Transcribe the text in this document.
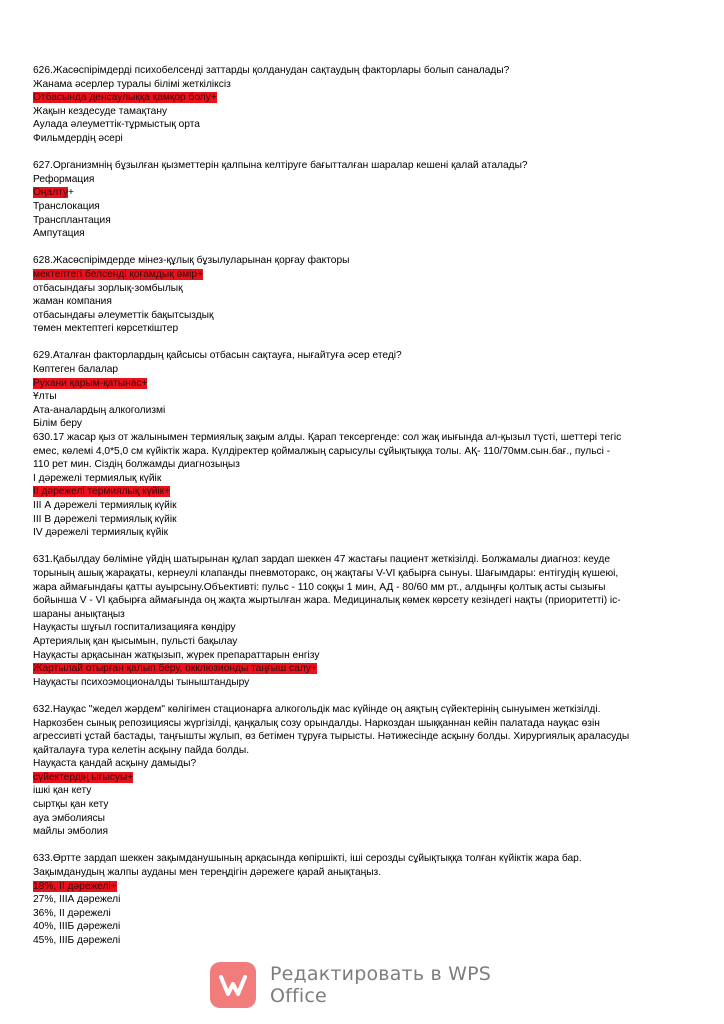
626.Жасөспірімдерді психобелсенді заттарды қолданудан сақтаудың факторлары болып саналады?
Жанама әсерлер туралы білімі жеткіліксіз
Отбасында денсаулыққа қамқор болу+
Жақын кездесуде тамақтану
Аулада әлеуметтік-тұрмыстық орта
Фильмдердің әсері
627.Организмнің бұзылған қызметтерін қалпына келтіруге бағытталған шаралар кешені қалай аталады?
Реформация
Оңалту+
Транслокация
Трансплантация
Ампутация
628.Жасөспірімдерде мінез-құлық бұзылуларынан қорғау факторы
мектептегі белсенді қоғамдық өмір+
отбасындағы зорлық-зомбылық
жаман компания
отбасындағы әлеуметтік бақытсыздық
төмен мектептегі көрсеткіштер
629.Аталған факторлардың қайсысы отбасын сақтауға, нығайтуға әсер етеді?
Көптеген балалар
Рухани қарым-қатынас+
Ұлты
Ата-аналардың алкоголизмі
Білім беру
630.17 жасар қыз от жалынымен термиялық зақым алды. Қарап тексергенде: сол жақ иығында ал-қызыл түсті, шеттері тегіс
емес, көлемі 4,0*5,0 см күйіктік жара. Күлдіректер қоймалжың сарысулы сұйықтыққа толы. АҚ- 110/70мм.сын.бағ., пульсі -
110 рет мин. Сіздің болжамды диагнозыңыз
I дәрежелі термиялық күйік
II дәрежелі термиялық күйік+
III А дәрежелі термиялық күйік
III В дәрежелі термиялық күйік
IV дәрежелі термиялық күйік
631.Қабылдау бөліміне үйдің шатырынан құлап зардап шеккен 47 жастағы пациент жеткізілді. Болжамалы диагноз: кеуде
торының ашық жарақаты, кернеулі клапанды пневмоторакс, оң жақтағы V-VI қабырға сынуы. Шағымдары: ентігудің күшеюі,
жара аймағындағы қатты ауырсыну.Объективті: пульс - 110 соққы 1 мин, АД - 80/60 мм рт., алдыңғы қолтық асты сызығы
бойынша V - VI қабырға аймағында оң жақта жыртылған жара. Медициналық көмек көрсету кезіндегі нақты (приоритетті) іс-
шараны анықтаңыз
Науқасты шұғыл госпитализацияға көндіру
Артериялық қан қысымын, пульсті бақылау
Науқасты арқасынан жатқызып, жүрек препараттарын енгізу
Жартылай отырған қалып беру, окклюзионды таңғыш салу+
Науқасты психоэмоционалды тыныштандыру
632.Науқас "жедел жәрдем" көлігімен стационарға алкогольдік мас күйінде оң аяқтың сүйектерінің сынуымен жеткізілді.
Наркозбен сынық репозициясы жүргізілді, қаңқалық созу орындалды. Наркоздан шыққаннан кейін палатада науқас өзін
агрессивті ұстай бастады, таңғышты жұлып, өз бетімен тұруға тырысты. Нәтижесінде асқыну болды. Хирургиялық араласуды
қайталауға тура келетін асқыну пайда болды.
Науқаста қандай асқыну дамыды?
сүйектердің ығысуы+
ішкі қан кету
сыртқы қан кету
ауа эмболиясы
майлы эмболия
633.Өртте зардап шеккен зақымданушының арқасында көпіршікті, іші серозды сұйықтыққа толған күйіктік жара бар.
Зақымданудың жалпы ауданы мен тереңдігін дәрежеге қарай анықтаңыз.
18%, II дәрежелі+
27%, IIIА дәрежелі
36%, II дәрежелі
40%, IIIБ дәрежелі
45%, IIIБ дәрежелі
Редактировать в WPS Office
